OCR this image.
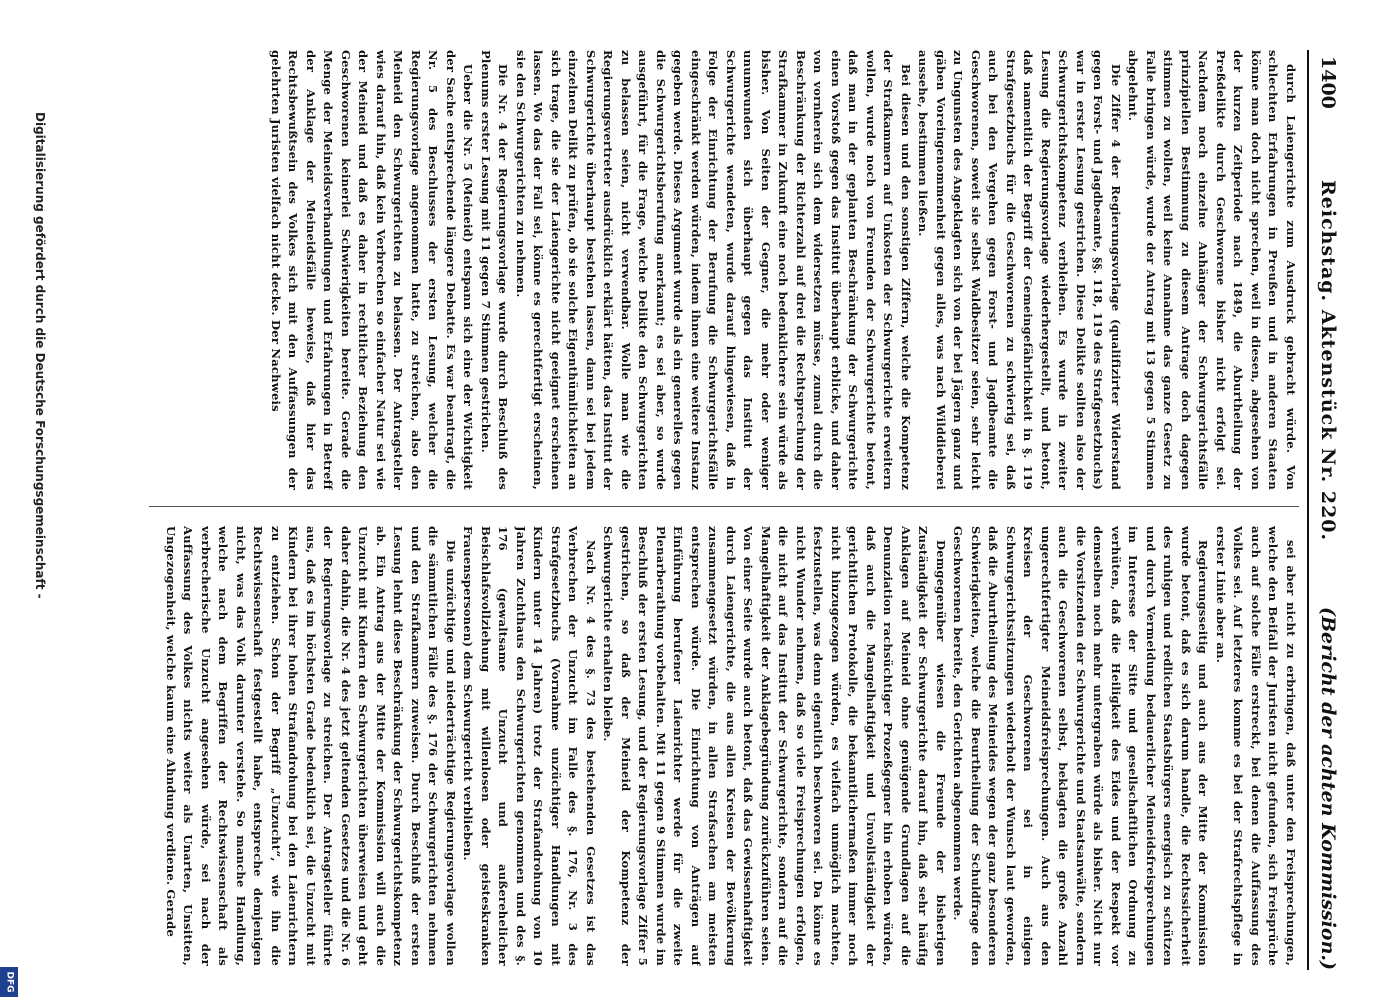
1400
Reichstag. Aktenstück Nr. 220.
(Bericht der achten Kommission.)

durch Laiengerichte zum Ausdruck gebracht würde. Von schlechten Erfahrungen in Preußen und in anderen Staaten könne man doch nicht sprechen, weil in diesen, abgesehen von der kurzen Zeitperiode nach 1849, die Aburtheilung der Preßdelikte durch Geschworene bisher nicht erfolgt sei. Nachdem noch einzelne Anhänger der Schwurgerichtsfälle prinzipiellen Bestimmung zu diesem Antrage doch dagegen stimmen zu wollen, weil keine Annahme das ganze Gesetz zu Falle bringen würde, wurde der Antrag mit 13 gegen 5 Stimmen abgelehnt.

Die Ziffer 4 der Regierungsvorlage (qualifizirter Widerstand gegen Forst- und Jagdbeamte, §§. 118, 119 des Strafgesetzbuchs) war in erster Lesung gestrichen. Diese Delikte sollten also der Schwurgerichtskompetenz verbleiben. Es wurde in zweiter Lesung die Regierungsvorlage wiederhergestellt, und betont, daß namentlich der Begriff der Gemeingefährlichkeit in §. 119 Strafgesetzbuchs für die Geschworenen zu schwierig sei, daß auch bei den Vergehen gegen Forst- und Jagdbeamte die Geschworenen, soweit sie selbst Waldbesitzer seien, sehr leicht zu Ungunsten des Angeklagten sich von der bei Jägern ganz und gäben Voreingenommenheit gegen alles, was nach Wilddieberei aussehe, bestimmen ließen.

Bei diesen und den sonstigen Ziffern, welche die Kompetenz der Strafkammern auf Unkosten der Schwurgerichte erweitern wollen, wurde noch von Freunden der Schwurgerichte betont, daß man in der geplanten Beschränkung der Schwurgerichte einen Vorstoß gegen das Institut überhaupt erblicke, und daher von vornherein sich dem widersetzen müsse, zumal durch die Beschränkung der Richterzahl auf drei die Rechtsprechung der Strafkammer in Zukunft eine noch bedenklichere sein würde als bisher. Von Seiten der Gegner, die mehr oder weniger unumwunden sich überhaupt gegen das Institut der Schwurgerichte wendeten, wurde darauf hingewiesen, daß in Folge der Einrichtung der Berufung die Schwurgerichtsfälle eingeschränkt werden würden, indem ihnen eine weitere Instanz gegeben werde. Dieses Argument wurde als ein generelles gegen die Schwurgerichtsberufung anerkannt; es sei aber, so wurde ausgeführt, für die Frage, welche Delikte den Schwurgerichten zu belassen seien, nicht verwendbar. Wolle man wie die Regierungsvertreter ausdrücklich erklärt hätten, das Institut der Schwurgerichte überhaupt bestehen lassen, dann sei bei jedem einzelnen Delikt zu prüfen, ob sie solche Eigenthümlichkeiten an sich trage, die sie der Laiengerichte nicht geeignet erscheinen lassen. Wo das der Fall sei, könne es gerechtfertigt erscheinen, sie den Schwurgerichten zu nehmen.

Die Nr. 4 der Regierungsvorlage wurde durch Beschluß des Plenums erster Lesung mit 11 gegen 7 Stimmen gestrichen.

Ueber die Nr. 5 (Meineid) entspann sich eine der Wichtigkeit der Sache entsprechende längere Debatte. Es war beantragt, die Nr. 5 des Beschlusses der ersten Lesung, welcher die Regierungsvorlage angenommen hatte, zu streichen, also den Meineid den Schwurgerichten zu belassen. Der Antragsteller wies darauf hin, daß kein Verbrechen so einfacher Natur sei wie der Meineid und daß es daher in rechtlicher Beziehung den Geschworenen keinerlei Schwierigkeiten bereite. Gerade die Menge der Meineidsverhandlungen und Erfahrungen in Betreff der Anklage der Meineidsfälle beweise, daß hier das Rechtsbewußtsein des Volkes sich mit den Auffassungen der gelehrten Juristen vielfach nicht decke. Der Nachweis

sei aber nicht zu erbringen, daß unter den Freisprechungen, welche den Beifall der Juristen nicht gefunden, sich Freisprüche auch auf solche Fälle erstreckt, bei denen die Auffassung des Volkes sei. Auf letzteres komme es bei der Strafrechtspflege in erster Linie aber an.

Regierungsseitig und auch aus der Mitte der Kommission wurde betont, daß es sich darum handle, die Rechtssicherheit des ruhigen und redlichen Staatsbürgers energisch zu schützen und durch Vermeidung bedauerlicher Meineidsfreisprechungen im Interesse der Sitte und gesellschaftlichen Ordnung zu verhüten, daß die Heiligkeit des Eides und der Respekt vor demselben noch mehr untergraben würde als bisher. Nicht nur die Vorsitzenden der Schwurgerichte und Staatsanwälte, sondern auch die Geschworenen selbst, beklagten die große Anzahl ungerechtfertigter Meineidsfreisprechungen. Auch aus den Kreisen der Geschworenen sei in einigen Schwurgerichtssitzungen wiederholt der Wunsch laut geworden, daß die Aburtheilung des Meineides wegen der ganz besonderen Schwierigkeiten, welche die Beurtheilung der Schuldfrage den Geschworenen bereite, den Gerichten abgenommen werde.

Demgegenüber wiesen die Freunde der bisherigen Zuständigkeit der Schwurgerichte darauf hin, daß sehr häufig Anklagen auf Meineid ohne genügende Grundlagen auf die Denunziation rachsüchtiger Prozeßgegner hin erhoben würden, daß auch die Mangelhaftigkeit und Unvollständigkeit der gerichtlichen Protokolle, die bekanntlichermaßen immer noch nicht hinzugezogen würden, es vielfach unmöglich machten, festzustellen, was denn eigentlich beschworen sei. Da könne es nicht Wunder nehmen, daß so viele Freisprechungen erfolgen, die nicht auf das Institut der Schwurgerichte, sondern auf die Mangelhaftigkeit der Anklagebegründung zurückzuführen seien. Von einer Seite wurde auch betont, daß das Gewissenhaftigkeit durch Laiengerichte, die aus allen Kreisen der Bevölkerung zusammengesetzt würden, in allen Strafsachen am meisten entsprechen würde. Die Einrichtung von Anträgen auf Einführung berufener Laienrichter werde für die zweite Plenarberathung vorbehalten. Mit 11 gegen 9 Stimmen wurde im Beschluß der ersten Lesung, und der Regierungsvorlage Ziffer 5 gestrichen, so daß der Meineid der Kompetenz der Schwurgerichte erhalten bleibe.

Nach Nr. 4 des §. 73 des bestehenden Gesetzes ist das Verbrechen der Unzucht im Falle des §. 176, Nr. 3 des Strafgesetzbuchs (Vornahme unzüchtiger Handlungen mit Kindern unter 14 Jahren) trotz der Strafandrohung von 10 Jahren Zuchthaus den Schwurgerichten genommen und des §. 176 (gewaltsame Unzucht und außerehelicher Beischlafsvollziehung mit willenlosen oder geisteskranken Frauenspersonen) dem Schwurgericht verblieben.

Die unzüchtige und niederträchtige Regierungsvorlage wollen die sämmtlichen Fälle des §. 176 der Schwurgerichten nehmen und den Strafkammern zuweisen. Durch Beschluß der ersten Lesung lehnt diese Beschränkung der Schwurgerichtskompetenz ab. Ein Antrag aus der Mitte der Kommission will auch die Unzucht mit Kindern den Schwurgerichten überweisen und geht daher dahin, die Nr. 4 des jetzt geltenden Gesetzes und die Nr. 6 der Regierungsvorlage zu streichen. Der Antragsteller führte aus, daß es im höchsten Grade bedenklich sei, die Unzucht mit Kindern bei ihrer hohen Strafandrohung bei den Laienrichtern zu entziehen. Schon der Begriff „Unzucht“, wie ihn die Rechtswissenschaft festgestellt habe, entspreche demjenigen nicht, was das Volk darunter verstehe. So manche Handlung, welche nach dem Begriffen der Rechtswissenschaft als verbrecherische Unzucht angesehen würde, sei nach der Auffassung des Volkes nichts weiter als Unarten, Unsitten, Ungezogenheit, welche kaum eine Ahndung verdiene. Gerade

Digitalisierung gefördert durch die Deutsche Forschungsgemeinschaft -
DFG
